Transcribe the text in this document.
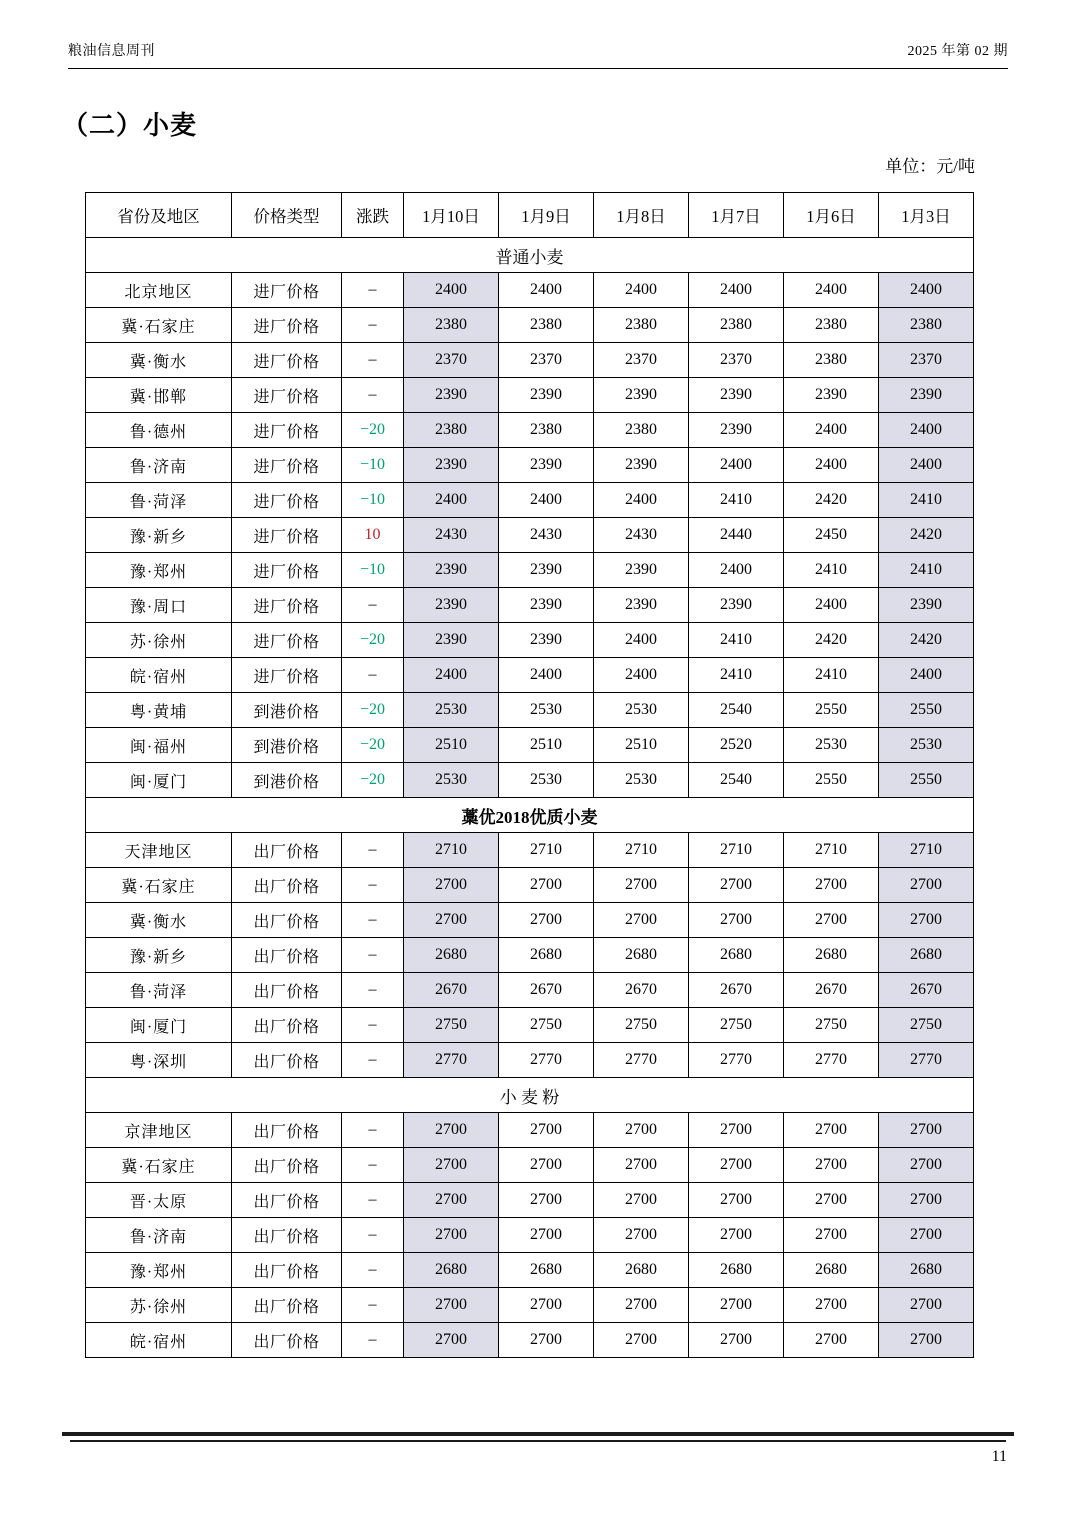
粮油信息周刊	2025 年第 02 期
（二）小麦
单位：元/吨
省份及地区	价格类型	涨跌	1月10日	1月9日	1月8日	1月7日	1月6日	1月3日
普通小麦								
北京地区	进厂价格	–	2400	2400	2400	2400	2400	2400
冀·石家庄	进厂价格	–	2380	2380	2380	2380	2380	2380
冀·衡水	进厂价格	–	2370	2370	2370	2370	2380	2370
冀·邯郸	进厂价格	–	2390	2390	2390	2390	2390	2390
鲁·德州	进厂价格	−20	2380	2380	2380	2390	2400	2400
鲁·济南	进厂价格	−10	2390	2390	2390	2400	2400	2400
鲁·菏泽	进厂价格	−10	2400	2400	2400	2410	2420	2410
豫·新乡	进厂价格	10	2430	2430	2430	2440	2450	2420
豫·郑州	进厂价格	−10	2390	2390	2390	2400	2410	2410
豫·周口	进厂价格	–	2390	2390	2390	2390	2400	2390
苏·徐州	进厂价格	−20	2390	2390	2400	2410	2420	2420
皖·宿州	进厂价格	–	2400	2400	2400	2410	2410	2400
粤·黄埔	到港价格	−20	2530	2530	2530	2540	2550	2550
闽·福州	到港价格	−20	2510	2510	2510	2520	2530	2530
闽·厦门	到港价格	−20	2530	2530	2530	2540	2550	2550
藁优2018优质小麦								
天津地区	出厂价格	–	2710	2710	2710	2710	2710	2710
冀·石家庄	出厂价格	–	2700	2700	2700	2700	2700	2700
冀·衡水	出厂价格	–	2700	2700	2700	2700	2700	2700
豫·新乡	出厂价格	–	2680	2680	2680	2680	2680	2680
鲁·菏泽	出厂价格	–	2670	2670	2670	2670	2670	2670
闽·厦门	出厂价格	–	2750	2750	2750	2750	2750	2750
粤·深圳	出厂价格	–	2770	2770	2770	2770	2770	2770
小 麦 粉								
京津地区	出厂价格	–	2700	2700	2700	2700	2700	2700
冀·石家庄	出厂价格	–	2700	2700	2700	2700	2700	2700
晋·太原	出厂价格	–	2700	2700	2700	2700	2700	2700
鲁·济南	出厂价格	–	2700	2700	2700	2700	2700	2700
豫·郑州	出厂价格	–	2680	2680	2680	2680	2680	2680
苏·徐州	出厂价格	–	2700	2700	2700	2700	2700	2700
皖·宿州	出厂价格	–	2700	2700	2700	2700	2700	2700
11
